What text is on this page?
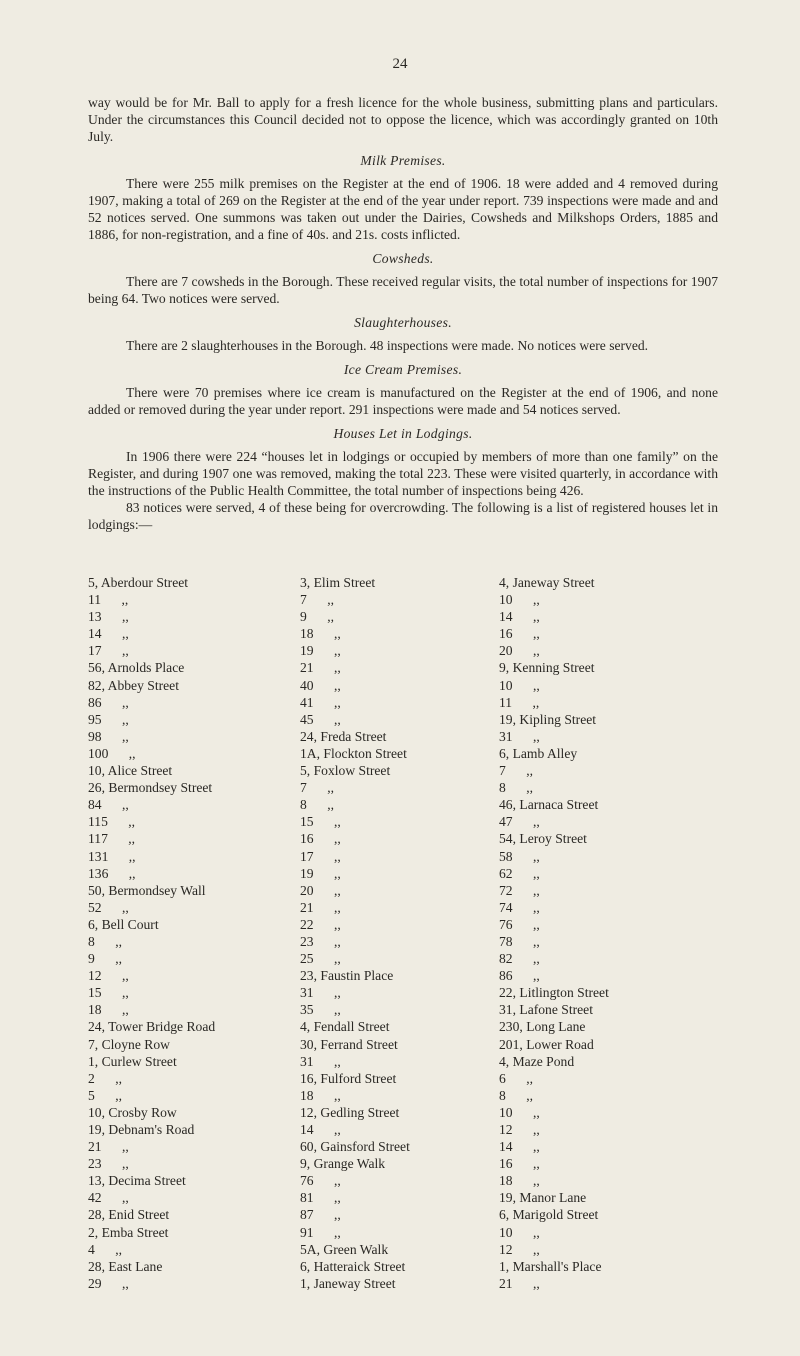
24

way would be for Mr. Ball to apply for a fresh licence for the whole business, submitting plans and particulars. Under the circumstances this Council decided not to oppose the licence, which was accordingly granted on 10th July.

Milk Premises.

There were 255 milk premises on the Register at the end of 1906. 18 were added and 4 removed during 1907, making a total of 269 on the Register at the end of the year under report. 739 inspections were made and and 52 notices served. One summons was taken out under the Dairies, Cowsheds and Milkshops Orders, 1885 and 1886, for non-registration, and a fine of 40s. and 21s. costs inflicted.

Cowsheds.

There are 7 cowsheds in the Borough. These received regular visits, the total number of inspections for 1907 being 64. Two notices were served.

Slaughterhouses.

There are 2 slaughterhouses in the Borough. 48 inspections were made. No notices were served.

Ice Cream Premises.

There were 70 premises where ice cream is manufactured on the Register at the end of 1906, and none added or removed during the year under report. 291 inspections were made and 54 notices served.

Houses Let in Lodgings.

In 1906 there were 224 “houses let in lodgings or occupied by members of more than one family” on the Register, and during 1907 one was removed, making the total 223. These were visited quarterly, in accordance with the instructions of the Public Health Committee, the total number of inspections being 426.

83 notices were served, 4 of these being for overcrowding. The following is a list of registered houses let in lodgings:—

5, Aberdour Street	3, Elim Street	4, Janeway Street
11      ,,	7      ,,	10      ,,
13      ,,	9      ,,	14      ,,
14      ,,	18      ,,	16      ,,
17      ,,	19      ,,	20      ,,
56, Arnolds Place	21      ,,	9, Kenning Street
82, Abbey Street	40      ,,	10      ,,
86      ,,	41      ,,	11      ,,
95      ,,	45      ,,	19, Kipling Street
98      ,,	24, Freda Street	31      ,,
100      ,,	1A, Flockton Street	6, Lamb Alley
10, Alice Street	5, Foxlow Street	7      ,,
26, Bermondsey Street	7      ,,	8      ,,
84      ,,	8      ,,	46, Larnaca Street
115      ,,	15      ,,	47      ,,
117      ,,	16      ,,	54, Leroy Street
131      ,,	17      ,,	58      ,,
136      ,,	19      ,,	62      ,,
50, Bermondsey Wall	20      ,,	72      ,,
52      ,,	21      ,,	74      ,,
6, Bell Court	22      ,,	76      ,,
8      ,,	23      ,,	78      ,,
9      ,,	25      ,,	82      ,,
12      ,,	23, Faustin Place	86      ,,
15      ,,	31      ,,	22, Litlington Street
18      ,,	35      ,,	31, Lafone Street
24, Tower Bridge Road	4, Fendall Street	230, Long Lane
7, Cloyne Row	30, Ferrand Street	201, Lower Road
1, Curlew Street	31      ,,	4, Maze Pond
2      ,,	16, Fulford Street	6      ,,
5      ,,	18      ,,	8      ,,
10, Crosby Row	12, Gedling Street	10      ,,
19, Debnam's Road	14      ,,	12      ,,
21      ,,	60, Gainsford Street	14      ,,
23      ,,	9, Grange Walk	16      ,,
13, Decima Street	76      ,,	18      ,,
42      ,,	81      ,,	19, Manor Lane
28, Enid Street	87      ,,	6, Marigold Street
2, Emba Street	91      ,,	10      ,,
4      ,,	5A, Green Walk	12      ,,
28, East Lane	6, Hatteraick Street	1, Marshall's Place
29      ,,	1, Janeway Street	21      ,,
